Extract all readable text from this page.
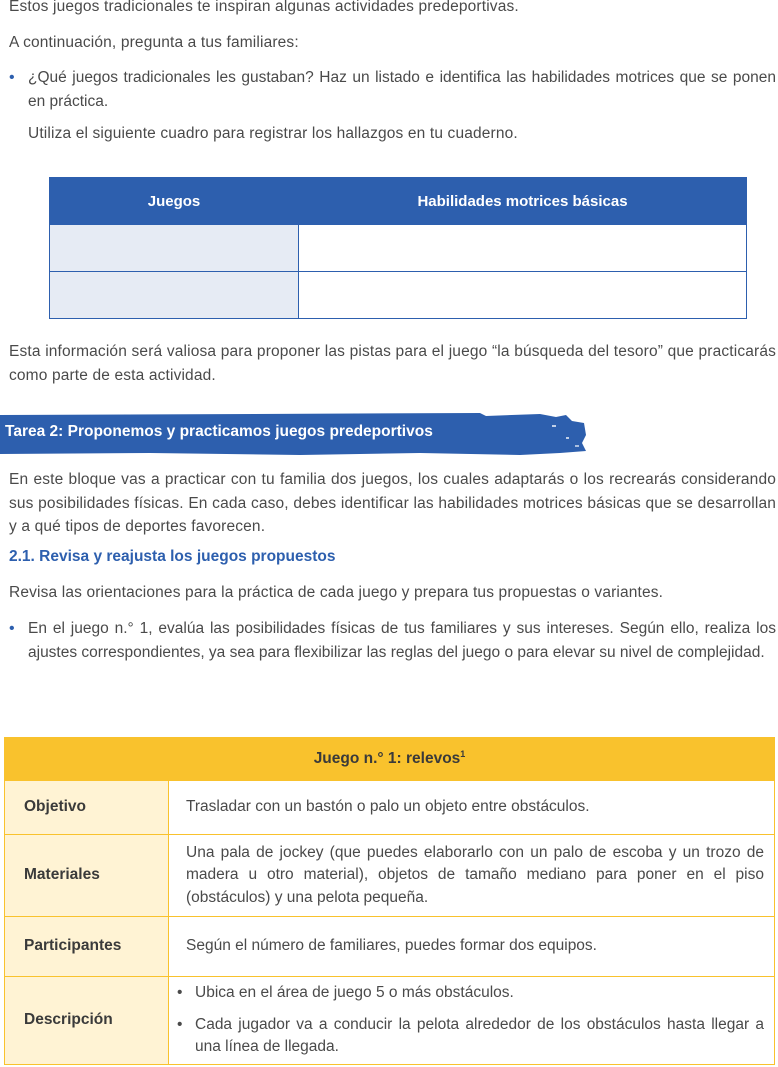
Estos juegos tradicionales te inspiran algunas actividades predeportivas.
A continuación, pregunta a tus familiares:
• ¿Qué juegos tradicionales les gustaban? Haz un listado e identifica las habilidades motrices que se ponen en práctica.
Utiliza el siguiente cuadro para registrar los hallazgos en tu cuaderno.
Juegos	Habilidades motrices básicas

Esta información será valiosa para proponer las pistas para el juego “la búsqueda del tesoro” que practicarás como parte de esta actividad.
Tarea 2: Proponemos y practicamos juegos predeportivos
En este bloque vas a practicar con tu familia dos juegos, los cuales adaptarás o los recrearás considerando sus posibilidades físicas. En cada caso, debes identificar las habilidades motrices básicas que se desarrollan y a qué tipos de deportes favorecen.
2.1. Revisa y reajusta los juegos propuestos
Revisa las orientaciones para la práctica de cada juego y prepara tus propuestas o variantes.
• En el juego n.° 1, evalúa las posibilidades físicas de tus familiares y sus intereses. Según ello, realiza los ajustes correspondientes, ya sea para flexibilizar las reglas del juego o para elevar su nivel de complejidad.
Juego n.° 1: relevos$^1$
Objetivo	Trasladar con un bastón o palo un objeto entre obstáculos.
Materiales	Una pala de jockey (que puedes elaborarlo con un palo de escoba y un trozo de madera u otro material), objetos de tamaño mediano para poner en el piso (obstáculos) y una pelota pequeña.
Participantes	Según el número de familiares, puedes formar dos equipos.
Descripción	• Ubica en el área de juego 5 o más obstáculos.
• Cada jugador va a conducir la pelota alrededor de los obstáculos hasta llegar a una línea de llegada.
